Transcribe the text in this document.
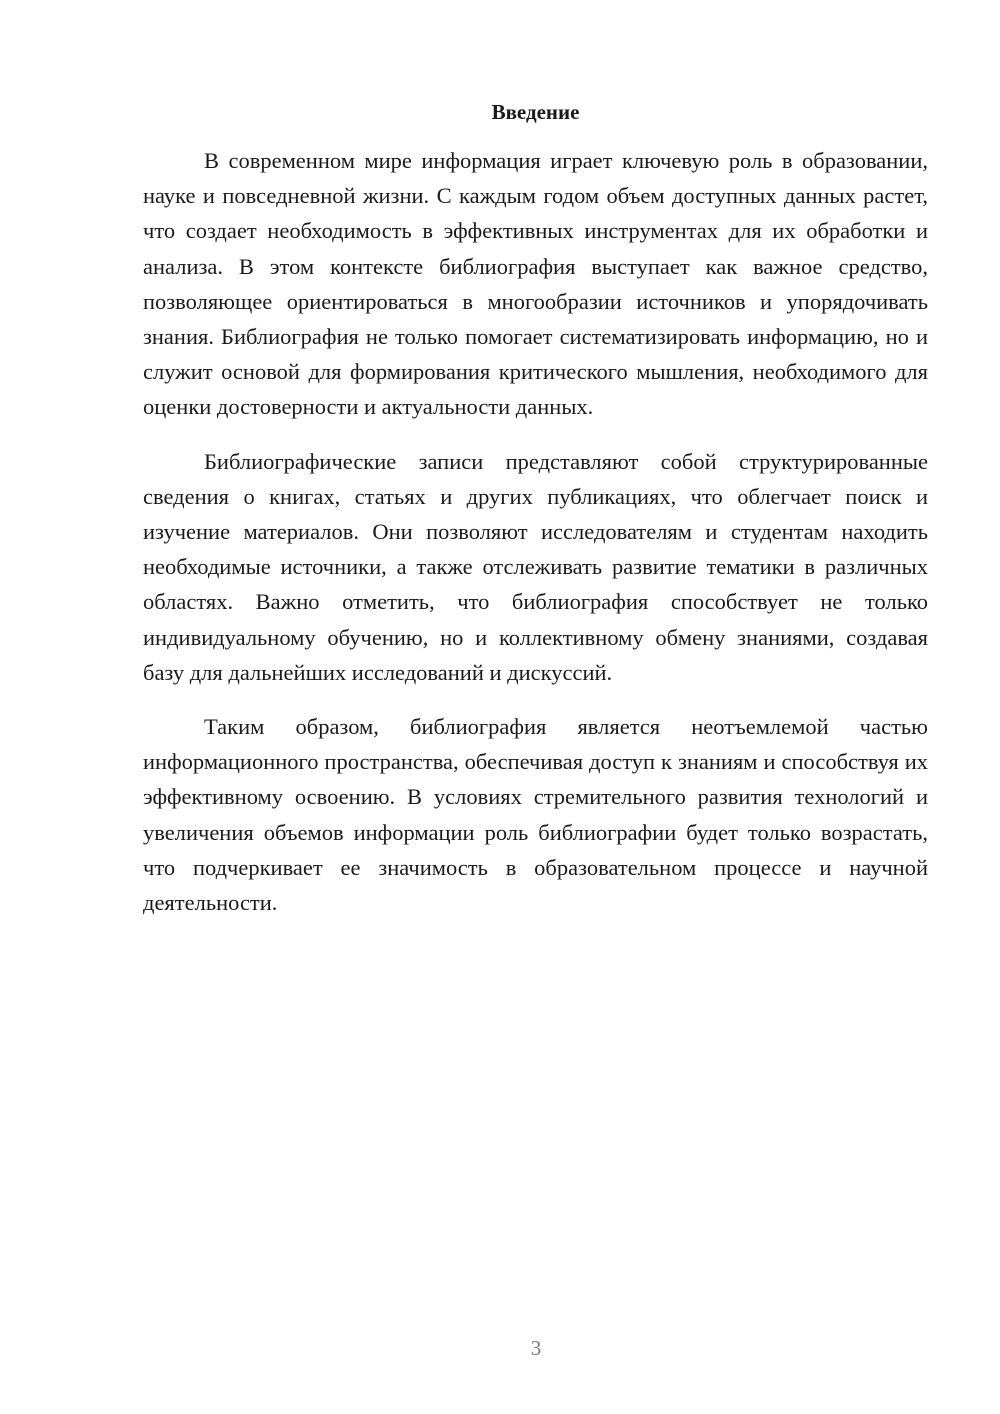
Введение

В современном мире информация играет ключевую роль в образовании, науке и повседневной жизни. С каждым годом объем доступных данных растет, что создает необходимость в эффективных инструментах для их обработки и анализа. В этом контексте библиография выступает как важное средство, позволяющее ориентироваться в многообразии источников и упорядочивать знания. Библиография не только помогает систематизировать информацию, но и служит основой для формирования критического мышления, необходимого для оценки достоверности и актуальности данных.

Библиографические записи представляют собой структурированные сведения о книгах, статьях и других публикациях, что облегчает поиск и изучение материалов. Они позволяют исследователям и студентам находить необходимые источники, а также отслеживать развитие тематики в различных областях. Важно отметить, что библиография способствует не только индивидуальному обучению, но и коллективному обмену знаниями, создавая базу для дальнейших исследований и дискуссий.

Таким образом, библиография является неотъемлемой частью информационного пространства, обеспечивая доступ к знаниям и способствуя их эффективному освоению. В условиях стремительного развития технологий и увеличения объемов информации роль библиографии будет только возрастать, что подчеркивает ее значимость в образовательном процессе и научной деятельности.

3
